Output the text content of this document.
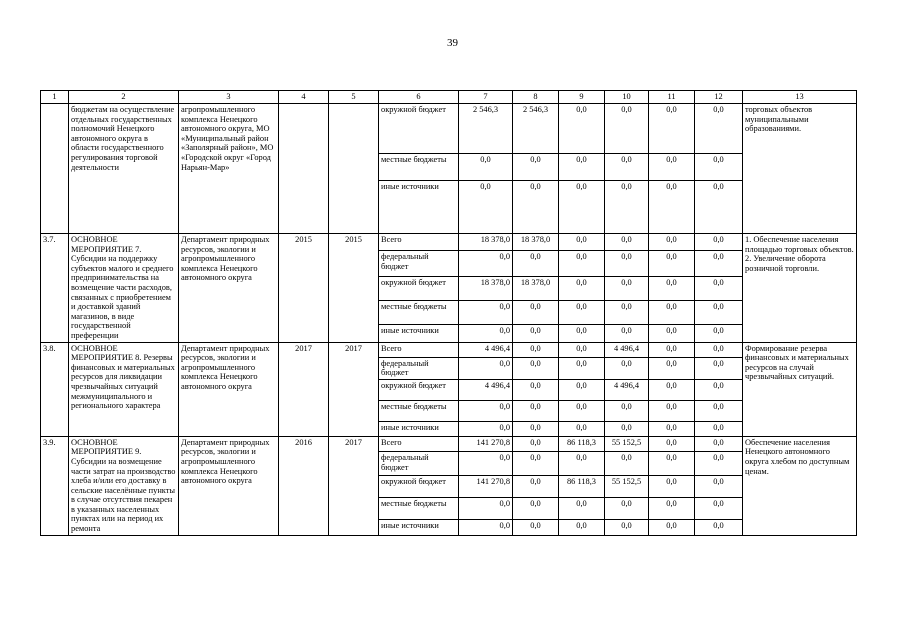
39
1	2	3	4	5	6	7	8	9	10	11	12	13
	бюджетам на осуществление отдельных государственных полномочий Ненецкого автономного округа в области государственного регулирования торговой деятельности	агропромышленного комплекса Ненецкого автономного округа, МО «Муниципальный район «Заполярный район», МО «Городской округ «Город Нарьян-Мар»			окружной бюджет	2 546,3	2 546,3	0,0	0,0	0,0	0,0	торговых объектов муниципальными образованиями.
					местные бюджеты	0,0	0,0	0,0	0,0	0,0	0,0	
					иные источники	0,0	0,0	0,0	0,0	0,0	0,0	
3.7.	ОСНОВНОЕ МЕРОПРИЯТИЕ 7. Субсидии на поддержку субъектов малого и среднего предпринимательства на возмещение части расходов, связанных с приобретением и доставкой зданий магазинов, в виде государственной преференции	Департамент природных ресурсов, экологии и агропромышленного комплекса Ненецкого автономного округа	2015	2015	Всего	18 378,0	18 378,0	0,0	0,0	0,0	0,0	1. Обеспечение населения площадью торговых объектов. 2. Увеличение оборота розничной торговли.
					федеральный бюджет	0,0	0,0	0,0	0,0	0,0	0,0	
					окружной бюджет	18 378,0	18 378,0	0,0	0,0	0,0	0,0	
					местные бюджеты	0,0	0,0	0,0	0,0	0,0	0,0	
					иные источники	0,0	0,0	0,0	0,0	0,0	0,0	
3.8.	ОСНОВНОЕ МЕРОПРИЯТИЕ 8. Резервы финансовых и материальных ресурсов для ликвидации чрезвычайных ситуаций межмуниципального и регионального характера	Департамент природных ресурсов, экологии и агропромышленного комплекса Ненецкого автономного округа	2017	2017	Всего	4 496,4	0,0	0,0	4 496,4	0,0	0,0	Формирование резерва финансовых и материальных ресурсов на случай чрезвычайных ситуаций.
					федеральный бюджет	0,0	0,0	0,0	0,0	0,0	0,0	
					окружной бюджет	4 496,4	0,0	0,0	4 496,4	0,0	0,0	
					местные бюджеты	0,0	0,0	0,0	0,0	0,0	0,0	
					иные источники	0,0	0,0	0,0	0,0	0,0	0,0	
3.9.	ОСНОВНОЕ МЕРОПРИЯТИЕ 9. Субсидии на возмещение части затрат на производство хлеба и/или его доставку в сельские населённые пункты в случае отсутствия пекарен в указанных населенных пунктах или на период их ремонта	Департамент природных ресурсов, экологии и агропромышленного комплекса Ненецкого автономного округа	2016	2017	Всего	141 270,8	0,0	86 118,3	55 152,5	0,0	0,0	Обеспечение населения Ненецкого автономного округа хлебом по доступным ценам.
					федеральный бюджет	0,0	0,0	0,0	0,0	0,0	0,0	
					окружной бюджет	141 270,8	0,0	86 118,3	55 152,5	0,0	0,0	
					местные бюджеты	0,0	0,0	0,0	0,0	0,0	0,0	
					иные источники	0,0	0,0	0,0	0,0	0,0	0,0	
